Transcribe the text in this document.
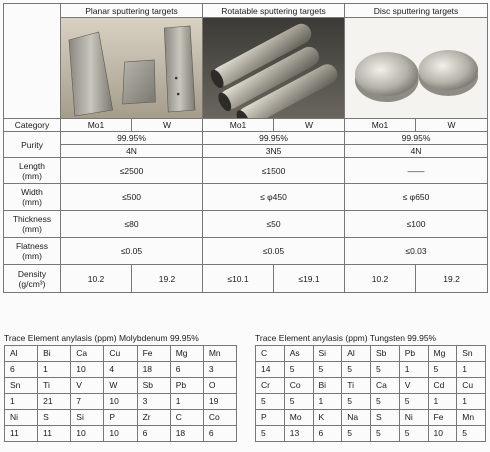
	Planar sputtering targets		Rotatable sputtering targets		Disc sputtering targets	

Category	Mo1	W	Mo1	W	Mo1	W
Purity	99.95%		99.95%		99.95%	
	4N		3N5		4N	
Length
(mm)	≤2500		≤1500		——	
Width
(mm)	≤500		≤ φ450		≤ φ650	
Thickness
(mm)	≤80		≤50		≤100	
Flatness
(mm)	≤0.05		≤0.05		≤0.03	
Density
(g/cm³)	10.2	19.2	≤10.1	≤19.1	10.2	19.2
Trace Element anylasis (ppm) Molybdenum 99.95%
Al	Bi	Ca	Cu	Fe	Mg	Mn
6	1	10	4	18	6	3
Sn	Ti	V	W	Sb	Pb	O
1	21	7	10	3	1	19
Ni	S	Si	P	Zr	C	Co
11	11	10	10	6	18	6
Trace Element anylasis (ppm) Tungsten 99.95%
C	As	Si	Al	Sb	Pb	Mg	Sn
14	5	5	5	5	1	5	1
Cr	Co	Bi	Ti	Ca	V	Cd	Cu
5	5	1	5	5	5	1	1
P	Mo	K	Na	S	Ni	Fe	Mn
5	13	6	5	5	5	10	5
